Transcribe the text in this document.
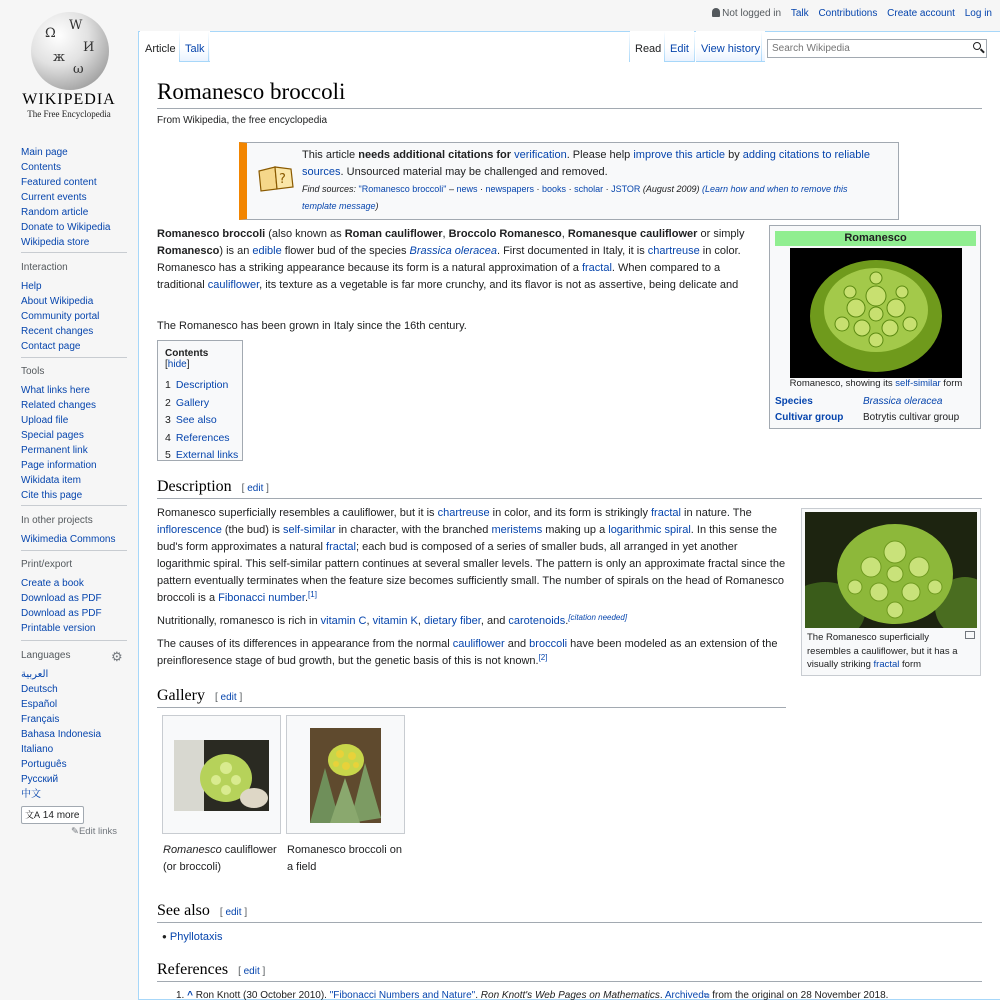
Ω
W
И
ж
ω
WIKIPEDIA
The Free Encyclopedia
Main page
Contents
Featured content
Current events
Random article
Donate to Wikipedia
Wikipedia store
Interaction
Help
About Wikipedia
Community portal
Recent changes
Contact page
Tools
What links here
Related changes
Upload file
Special pages
Permanent link
Page information
Wikidata item
Cite this page
In other projects
Wikimedia Commons
Print/export
Create a book
Download as PDF
Download as PDF
Printable version
Languages	⚙
العربية
Deutsch
Español
Français
Bahasa Indonesia
Italiano
Português
Русский
中文
文A 14 more
✎Edit links
Not logged in Talk Contributions Create account Log in
Article Talk	Read Edit	View history
Search Wikipedia
Romanesco broccoli
From Wikipedia, the free encyclopedia
?
This article needs additional citations for verification. Please help improve this article by adding citations to reliable
sources. Unsourced material may be challenged and removed.
Find sources: "Romanesco broccoli" – news · newspapers · books · scholar · JSTOR (August 2009) (Learn how and when to remove this
template message)
Romanesco broccoli (also known as Roman cauliflower, Broccolo Romanesco, Romanesque cauliflower or simply
Romanesco) is an edible flower bud of the species Brassica oleracea. First documented in Italy, it is chartreuse in color.
Romanesco has a striking appearance because its form is a natural approximation of a fractal. When compared to a
traditional cauliflower, its texture as a vegetable is far more crunchy, and its flavor is not as assertive, being delicate and
The Romanesco has been grown in Italy since the 16th century.
Romanesco
Romanesco, showing its self-similar form
Species	Brassica oleracea
Cultivar group Botrytis cultivar group
Contents [hide]
1 Description
2 Gallery
3 See also
4 References
5 External links
Description [ edit ]
Romanesco superficially resembles a cauliflower, but it is chartreuse in color, and its form is strikingly fractal in nature. The
inflorescence (the bud) is self-similar in character, with the branched meristems making up a logarithmic spiral. In this sense the
bud's form approximates a natural fractal; each bud is composed of a series of smaller buds, all arranged in yet another
logarithmic spiral. This self-similar pattern continues at several smaller levels. The pattern is only an approximate fractal since the
pattern eventually terminates when the feature size becomes sufficiently small. The number of spirals on the head of Romanesco
broccoli is a Fibonacci number.[1]
Nutritionally, romanesco is rich in vitamin C, vitamin K, dietary fiber, and carotenoids.[citation needed]
The causes of its differences in appearance from the normal cauliflower and broccoli have been modeled as an extension of the
preinfloresence stage of bud growth, but the genetic basis of this is not known.[2]
The Romanesco superficially
resembles a cauliflower, but it has a
visually striking fractal form
Gallery [ edit ]
Romanesco cauliflower
(or broccoli)
Romanesco broccoli on
a field
See also [ edit ]
● Phyllotaxis
References [ edit ]
1. ^ Ron Knott (30 October 2010). "Fibonacci Numbers and Nature". Ron Knott's Web Pages on Mathematics. Archived⧉ from the original on 28 November 2018.
